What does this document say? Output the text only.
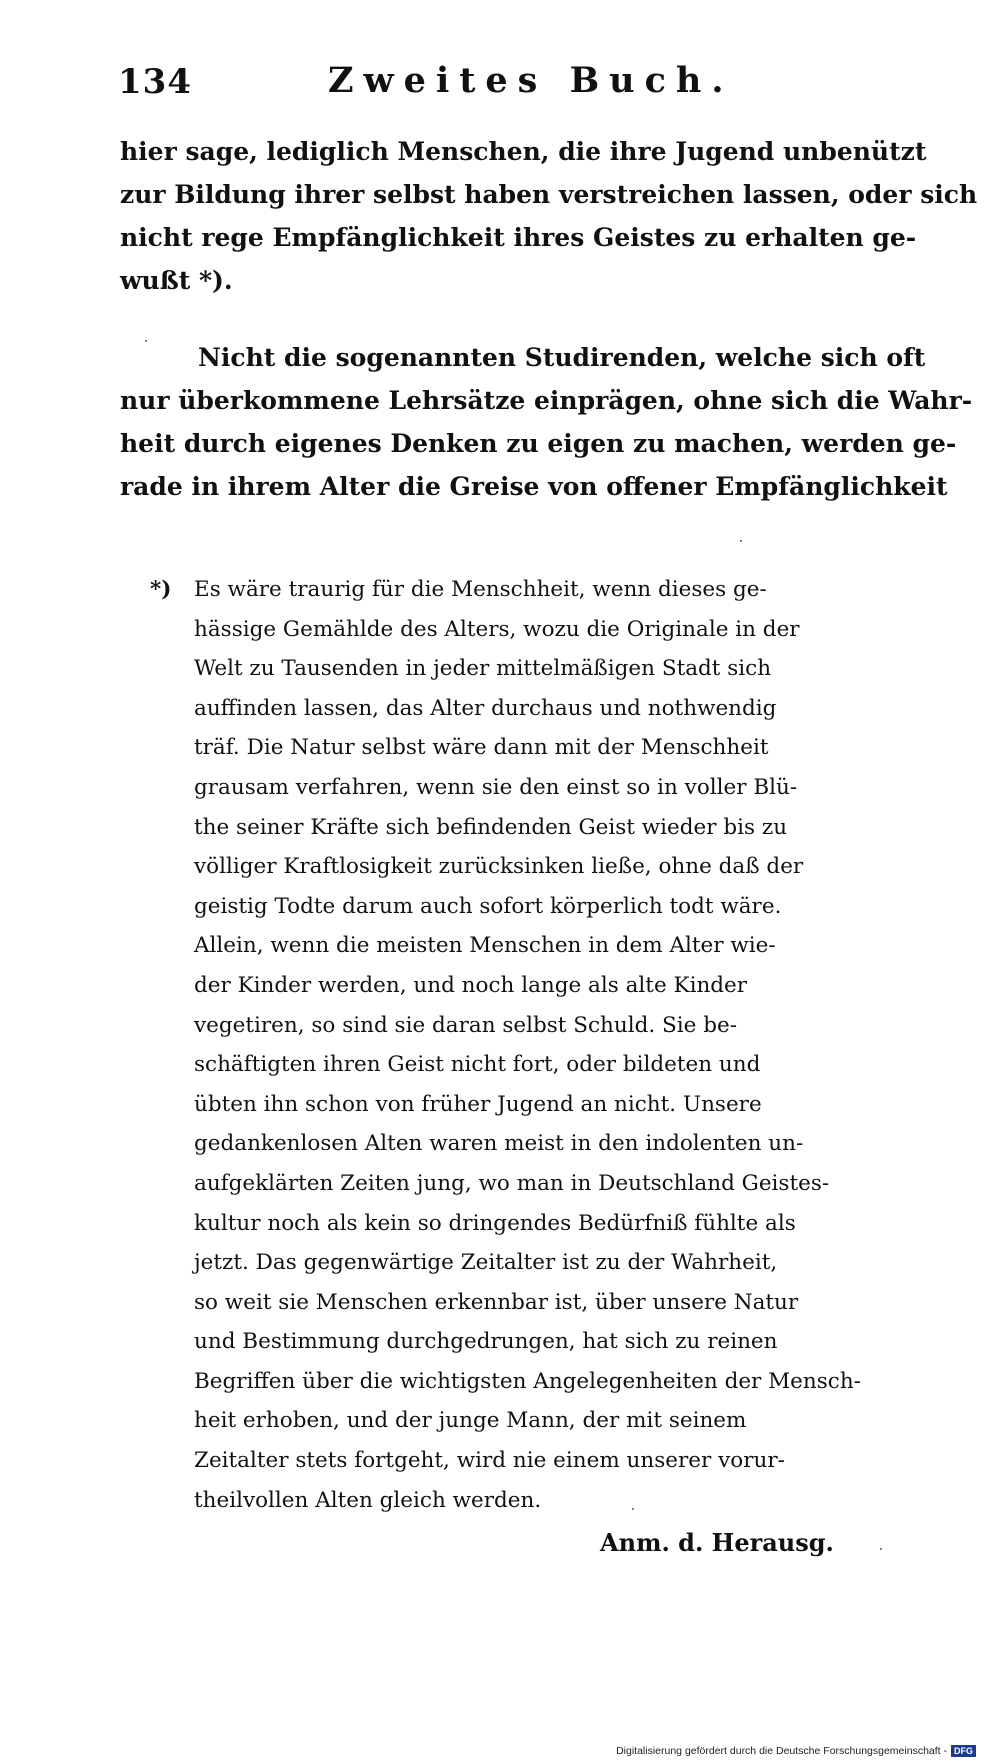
134	Zweites Buch.
hier sage, lediglich Menschen, die ihre Jugend unbenützt
zur Bildung ihrer selbst haben verstreichen lassen, oder sich
nicht rege Empfänglichkeit ihres Geistes zu erhalten ge-
wußt *).
Nicht die sogenannten Studirenden, welche sich oft
nur überkommene Lehrsätze einprägen, ohne sich die Wahr-
heit durch eigenes Denken zu eigen zu machen, werden ge-
rade in ihrem Alter die Greise von offener Empfänglichkeit
*) Es wäre traurig für die Menschheit, wenn dieses ge-
hässige Gemählde des Alters, wozu die Originale in der
Welt zu Tausenden in jeder mittelmäßigen Stadt sich
auffinden lassen, das Alter durchaus und nothwendig
träf. Die Natur selbst wäre dann mit der Menschheit
grausam verfahren, wenn sie den einst so in voller Blü-
the seiner Kräfte sich befindenden Geist wieder bis zu
völliger Kraftlosigkeit zurücksinken ließe, ohne daß der
geistig Todte darum auch sofort körperlich todt wäre.
Allein, wenn die meisten Menschen in dem Alter wie-
der Kinder werden, und noch lange als alte Kinder
vegetiren, so sind sie daran selbst Schuld. Sie be-
schäftigten ihren Geist nicht fort, oder bildeten und
übten ihn schon von früher Jugend an nicht. Unsere
gedankenlosen Alten waren meist in den indolenten un-
aufgeklärten Zeiten jung, wo man in Deutschland Geistes-
kultur noch als kein so dringendes Bedürfniß fühlte als
jetzt. Das gegenwärtige Zeitalter ist zu der Wahrheit,
so weit sie Menschen erkennbar ist, über unsere Natur
und Bestimmung durchgedrungen, hat sich zu reinen
Begriffen über die wichtigsten Angelegenheiten der Mensch-
heit erhoben, und der junge Mann, der mit seinem
Zeitalter stets fortgeht, wird nie einem unserer vorur-
theilvollen Alten gleich werden.
Anm. d. Herausg.
Digitalisierung gefördert durch die Deutsche Forschungsgemeinschaft - DFG
